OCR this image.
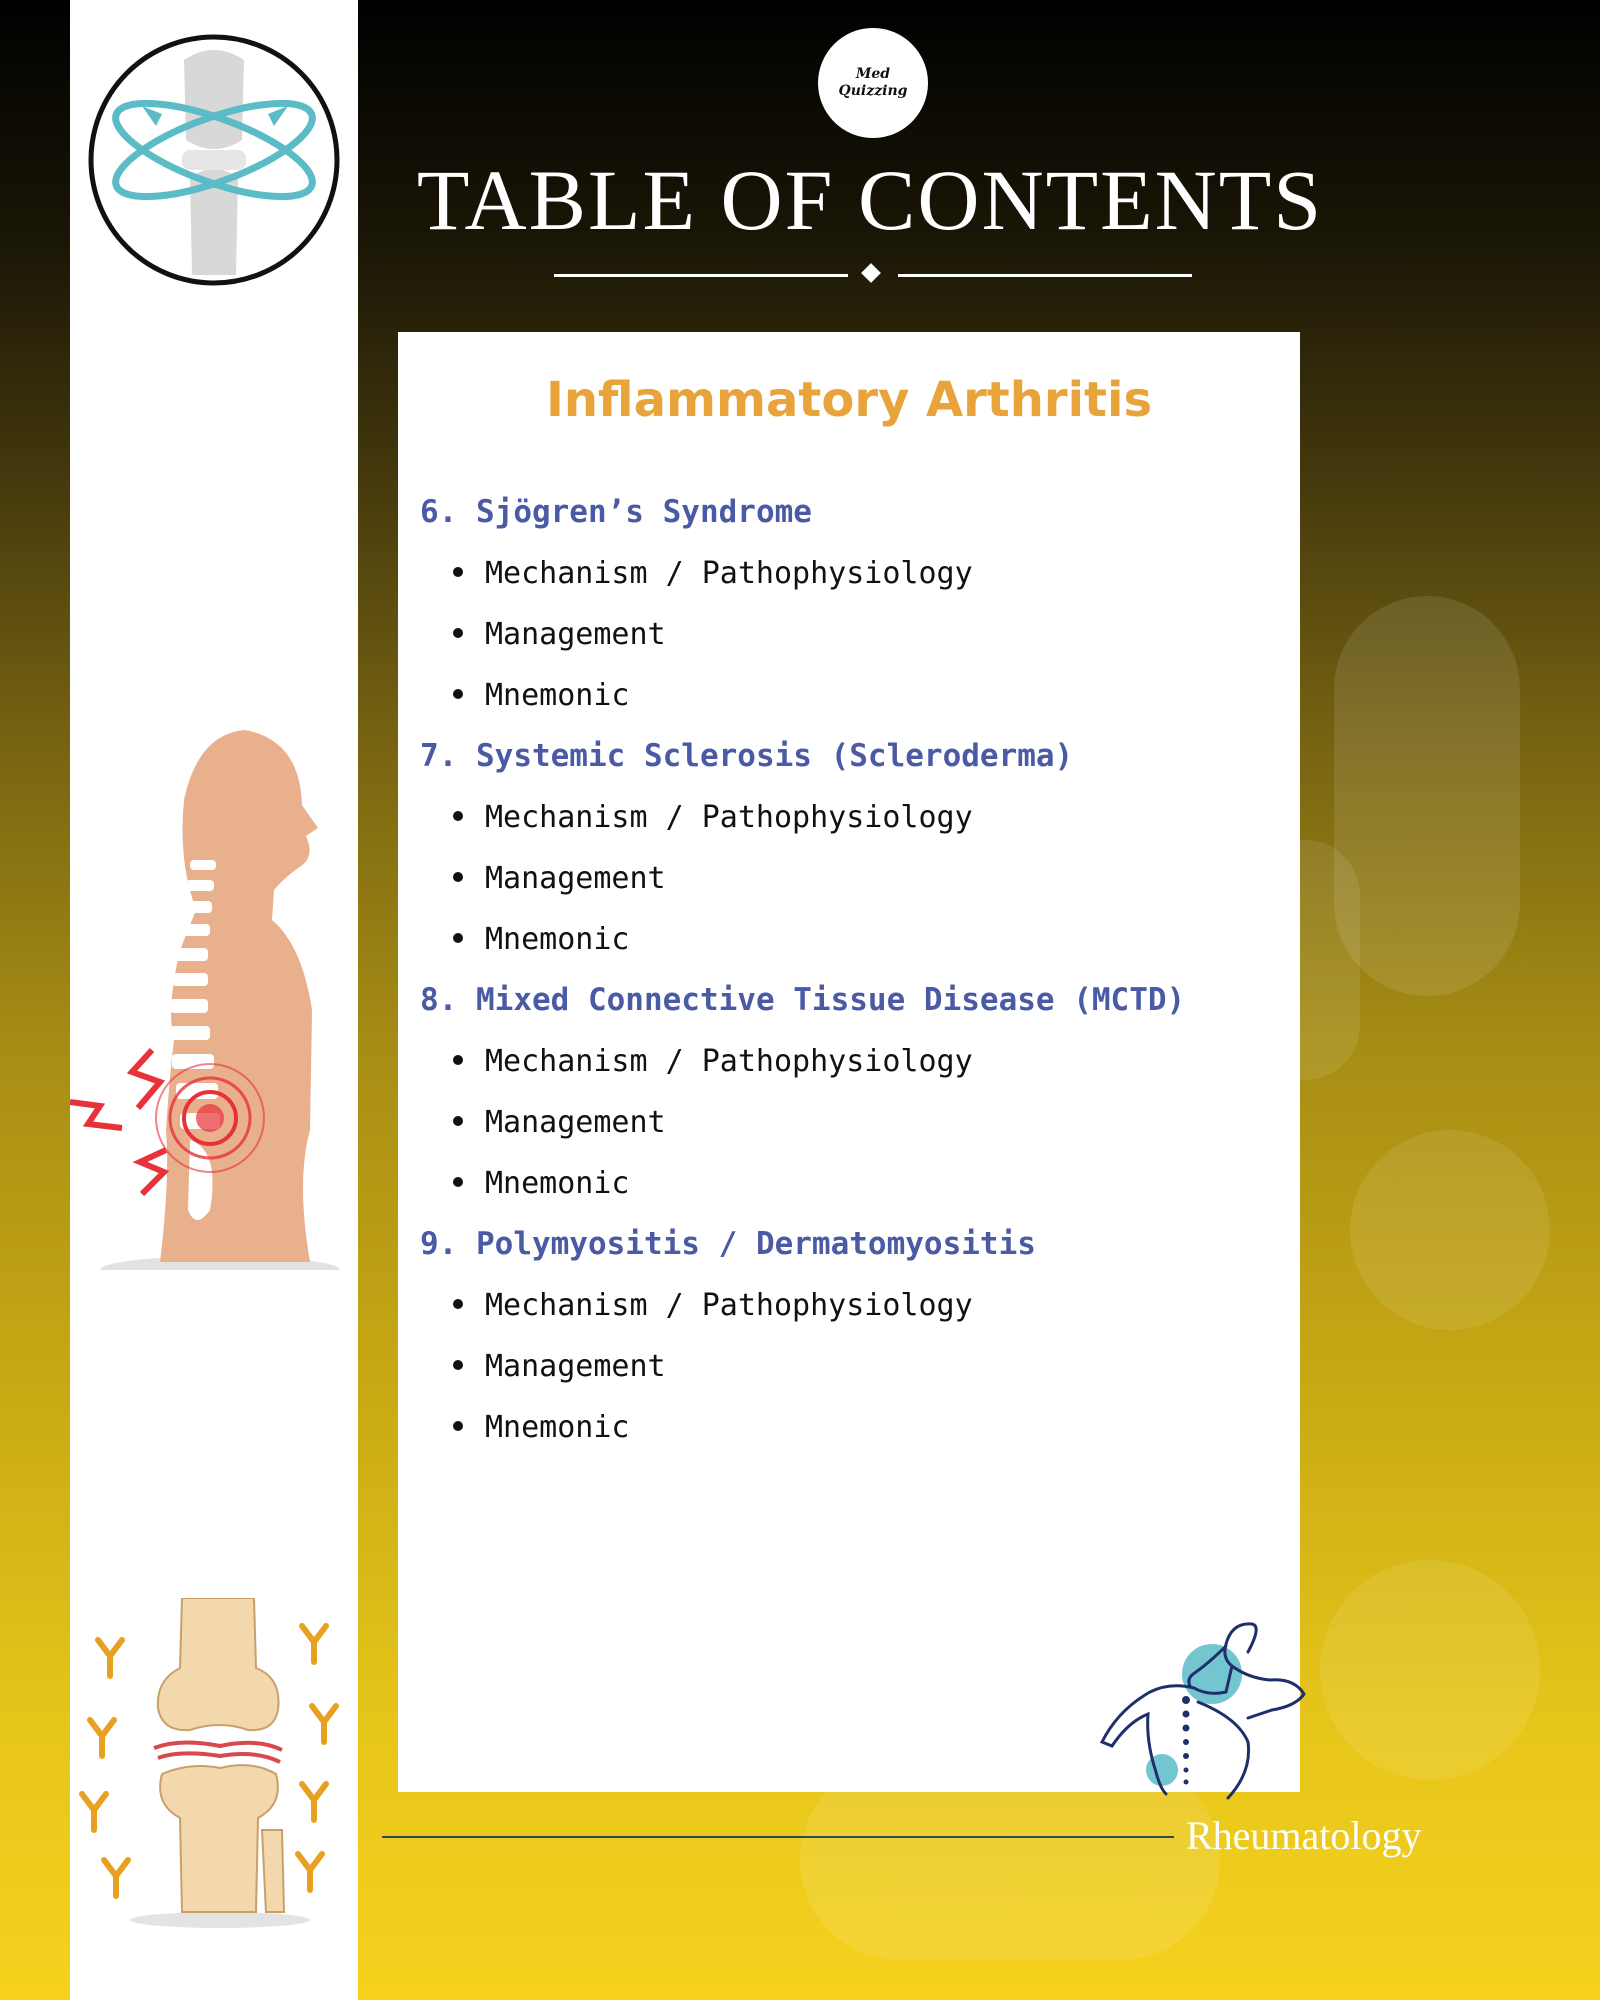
Med
Quizzing
TABLE OF CONTENTS
Inflammatory Arthritis
6. Sjögren’s Syndrome
Mechanism / Pathophysiology
Management
Mnemonic
7. Systemic Sclerosis (Scleroderma)
Mechanism / Pathophysiology
Management
Mnemonic
8. Mixed Connective Tissue Disease (MCTD)
Mechanism / Pathophysiology
Management
Mnemonic
9. Polymyositis / Dermatomyositis
Mechanism / Pathophysiology
Management
Mnemonic
Rheumatology
